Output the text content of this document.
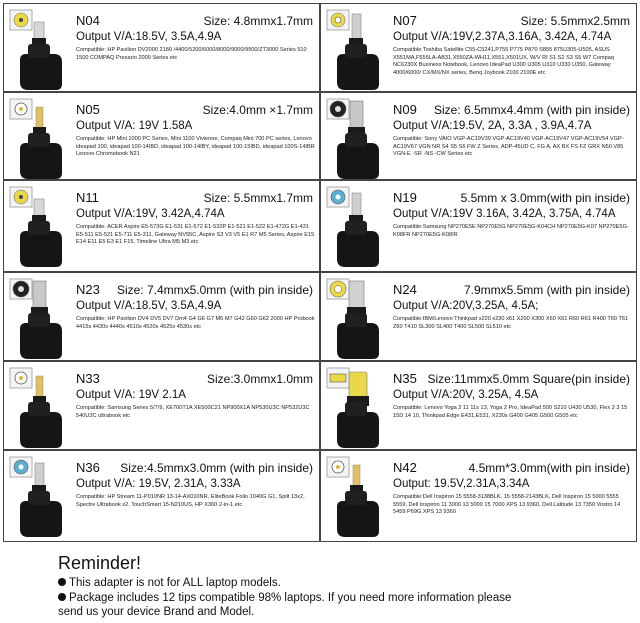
N04	Size: 4.8mmx1.7mm
Output V/A:18.5V, 3.5A,4.9A
Compatible: HP Pavilion DV2000 2180 /4400/5200/6000/8000/9000/9500/ZT3000 Series 510 1500 COMPAQ Presario 2000 Series etc
N07	Size: 5.5mmx2.5mm
Output V/A:19V,2.37A,3.16A, 3.42A, 4.74A
Compatible:Toshiba Satellite C55-C5241,P755 P775 P870 S855 875U305-U505, ASUS X551MA,F555LA-AB31,X550ZA-WH11,X551,X501UX, W/V RI S1 S2 S3 S5 W7 Compaq NC6230X Business Notebook, Lenovo IdeaPad U300 U305 U310 U330 U350, Gateway 4000/6000/ CX/MX/NX series, Benq Joybook 2100 2100E etc
N05	Size:4.0mm ×1.7mm
Output V/A: 19V 1.58A
Compatible: HP Mini 1000 PC Series, Mini 1100 Vivienne, Compaq Mini 700 PC series, Lenovo ideapad 100, ideapad 100-14IBD, ideapad 100-14IBY, ideapad 100-15IBD, ideapad 100S-14IBR Lenovo Chromebook N21
N09 Size: 6.5mmx4.4mm (with pin inside)
Output V/A:19.5V, 2A, 3.3A , 3.9A,4.7A
Compatible: Sony VAIO VGP-AC19V39 VGP-AC19V40 VGP-AC19V47 VGP-AC19V54 VGP-AC19V67 VGN NR S4 S5 S6 FW Z Series, ADP-45UD C, FG A, AX BX FS FZ GRX N50 V85 VGN-E -SR -NS -CW Series etc
N11	Size: 5.5mmx1.7mm
Output V/A:19V, 3.42A,4.74A
Compatible: ACER Aspire E5-573G E1-531 E1-572 E1-532P E1-521 E1-522 E1-472G E1-431 E5-511 E5-521 E5-711 E5-311, Gateway NV55C, Aspire S3 V3 V5 E1 R7 M5 Series, Aspire E15 E14 E11 E5 E3 E1 F15, Timeline Ultra M5 M3 etc
N19	5.5mm x 3.0mm(with pin inside)
Output V/A:19V 3.16A, 3.42A, 3.75A, 4.74A
Compatible:Samsung NP270E5E NP270E5G NP270E5G-K04CH NP270E5G-K07 NP270E5G-K08FR NP270E5G-K08IR
N23 Size: 7.4mmx5.0mm (with pin inside)
Output V/A:18.5V, 3.5A,4.9A
Compatible: HP Pavilion DV4 DV5 DV7 Dm4 G4 G6 G7 M6 M7 G42 G60 G62 2000 HP Probook 4415s 4430s 4440s 4510s 4520s 4525s 4530s etc
N24	7.9mmx5.5mm (with pin inside)
Output V/A:20V,3.25A, 4.5A;
Compatible:IBM/Lenovo Thinkpad x220 x230 x61 X200 X300 X60 X61 R60 R61 R400 T60 T61 Z60 T410 SL300 SL400 T400 SL500 SL510 etc
N33	Size:3.0mmx1.0mm
Output V/A: 19V 2.1A
Compatible: Samsung Series 5/7/9, XE700T1A XE500C21 NP900X1A NP530U3C NP532U3C 540U3C ultrabook etc
N35 Size:11mmx5.0mm Square(pin inside)
Output V/A:20V, 3.25A, 4.5A
Compatible: Lenovo Yoga 2 11 11s 13, Yoga 2 Pro, IdeaPad 500 S210 U430 U530, Flex 2 3 15 15D 14 10, Thinkpad Edge E431,E531, X230s G400 G405 G500 G505 etc
N36 Size:4.5mmx3.0mm (with pin inside)
Output V/A: 19.5V, 2.31A, 3.33A
Compatible: HP Stream 11-P010NR 13-14-AX010NR, EliteBook Folio 1040G G1, Split 13x2, Spectre Ultrabook x2, TouchSmart 15-N210US, HP X360 2-in-1 etc
N42	4.5mm*3.0mm(with pin inside)
Output: 19.5V,2.31A,3.34A
Compatible:Dell Inspiron 15 5558-3138BLK, 15 5558-2143BLK, Dell Inspiron 15 5000 5555 5559, Dell Inspiron 11 3000 13 5000 15 7000 XPS 13 9360, Dell Latitude 13 7350 Vostro 14 5459 P69G XPS 13 9360
Reminder!
This adapter is not for ALL laptop models.
Package includes 12 tips compatible 98% laptops. If you need more information please
send us your device Brand and Model.
